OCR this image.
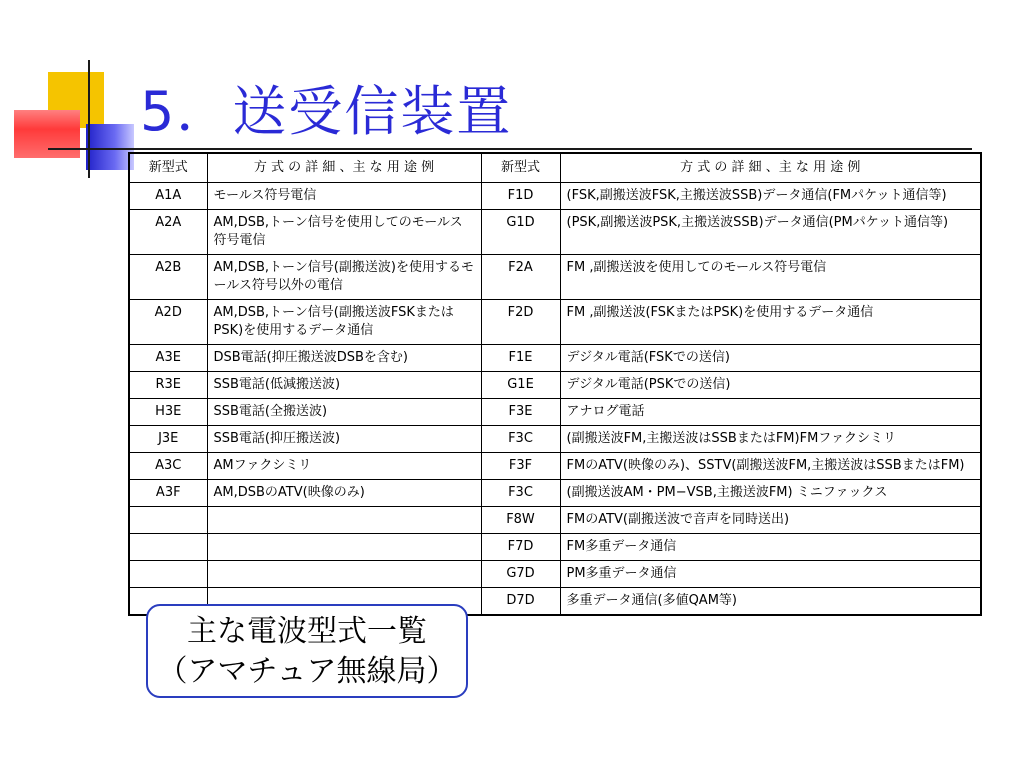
5．送受信装置
新型式	方 式 の 詳 細 、主 な 用 途 例	新型式	方 式 の 詳 細 、主 な 用 途 例
A1A	モールス符号電信	F1D	(FSK,副搬送波FSK,主搬送波SSB)データ通信(FMパケット通信等)
A2A	AM,DSB,トーン信号を使用してのモールス符号電信	G1D	(PSK,副搬送波PSK,主搬送波SSB)データ通信(PMパケット通信等)
A2B	AM,DSB,トーン信号(副搬送波)を使用するモールス符号以外の電信	F2A	FM ,副搬送波を使用してのモールス符号電信
A2D	AM,DSB,トーン信号(副搬送波FSKまたはPSK)を使用するデータ通信	F2D	FM ,副搬送波(FSKまたはPSK)を使用するデータ通信
A3E	DSB電話(抑圧搬送波DSBを含む)	F1E	デジタル電話(FSKでの送信)
R3E	SSB電話(低減搬送波)	G1E	デジタル電話(PSKでの送信)
H3E	SSB電話(全搬送波)	F3E	アナログ電話
J3E	SSB電話(抑圧搬送波)	F3C	(副搬送波FM,主搬送波はSSBまたはFM)FMファクシミリ
A3C	AMファクシミリ	F3F	FMのATV(映像のみ)、SSTV(副搬送波FM,主搬送波はSSBまたはFM)
A3F	AM,DSBのATV(映像のみ)	F3C	(副搬送波AM・PM−VSB,主搬送波FM) ミニファックス
		F8W	FMのATV(副搬送波で音声を同時送出)
		F7D	FM多重データ通信
		G7D	PM多重データ通信
		D7D	多重データ通信(多値QAM等)
主な電波型式一覧
（アマチュア無線局）
